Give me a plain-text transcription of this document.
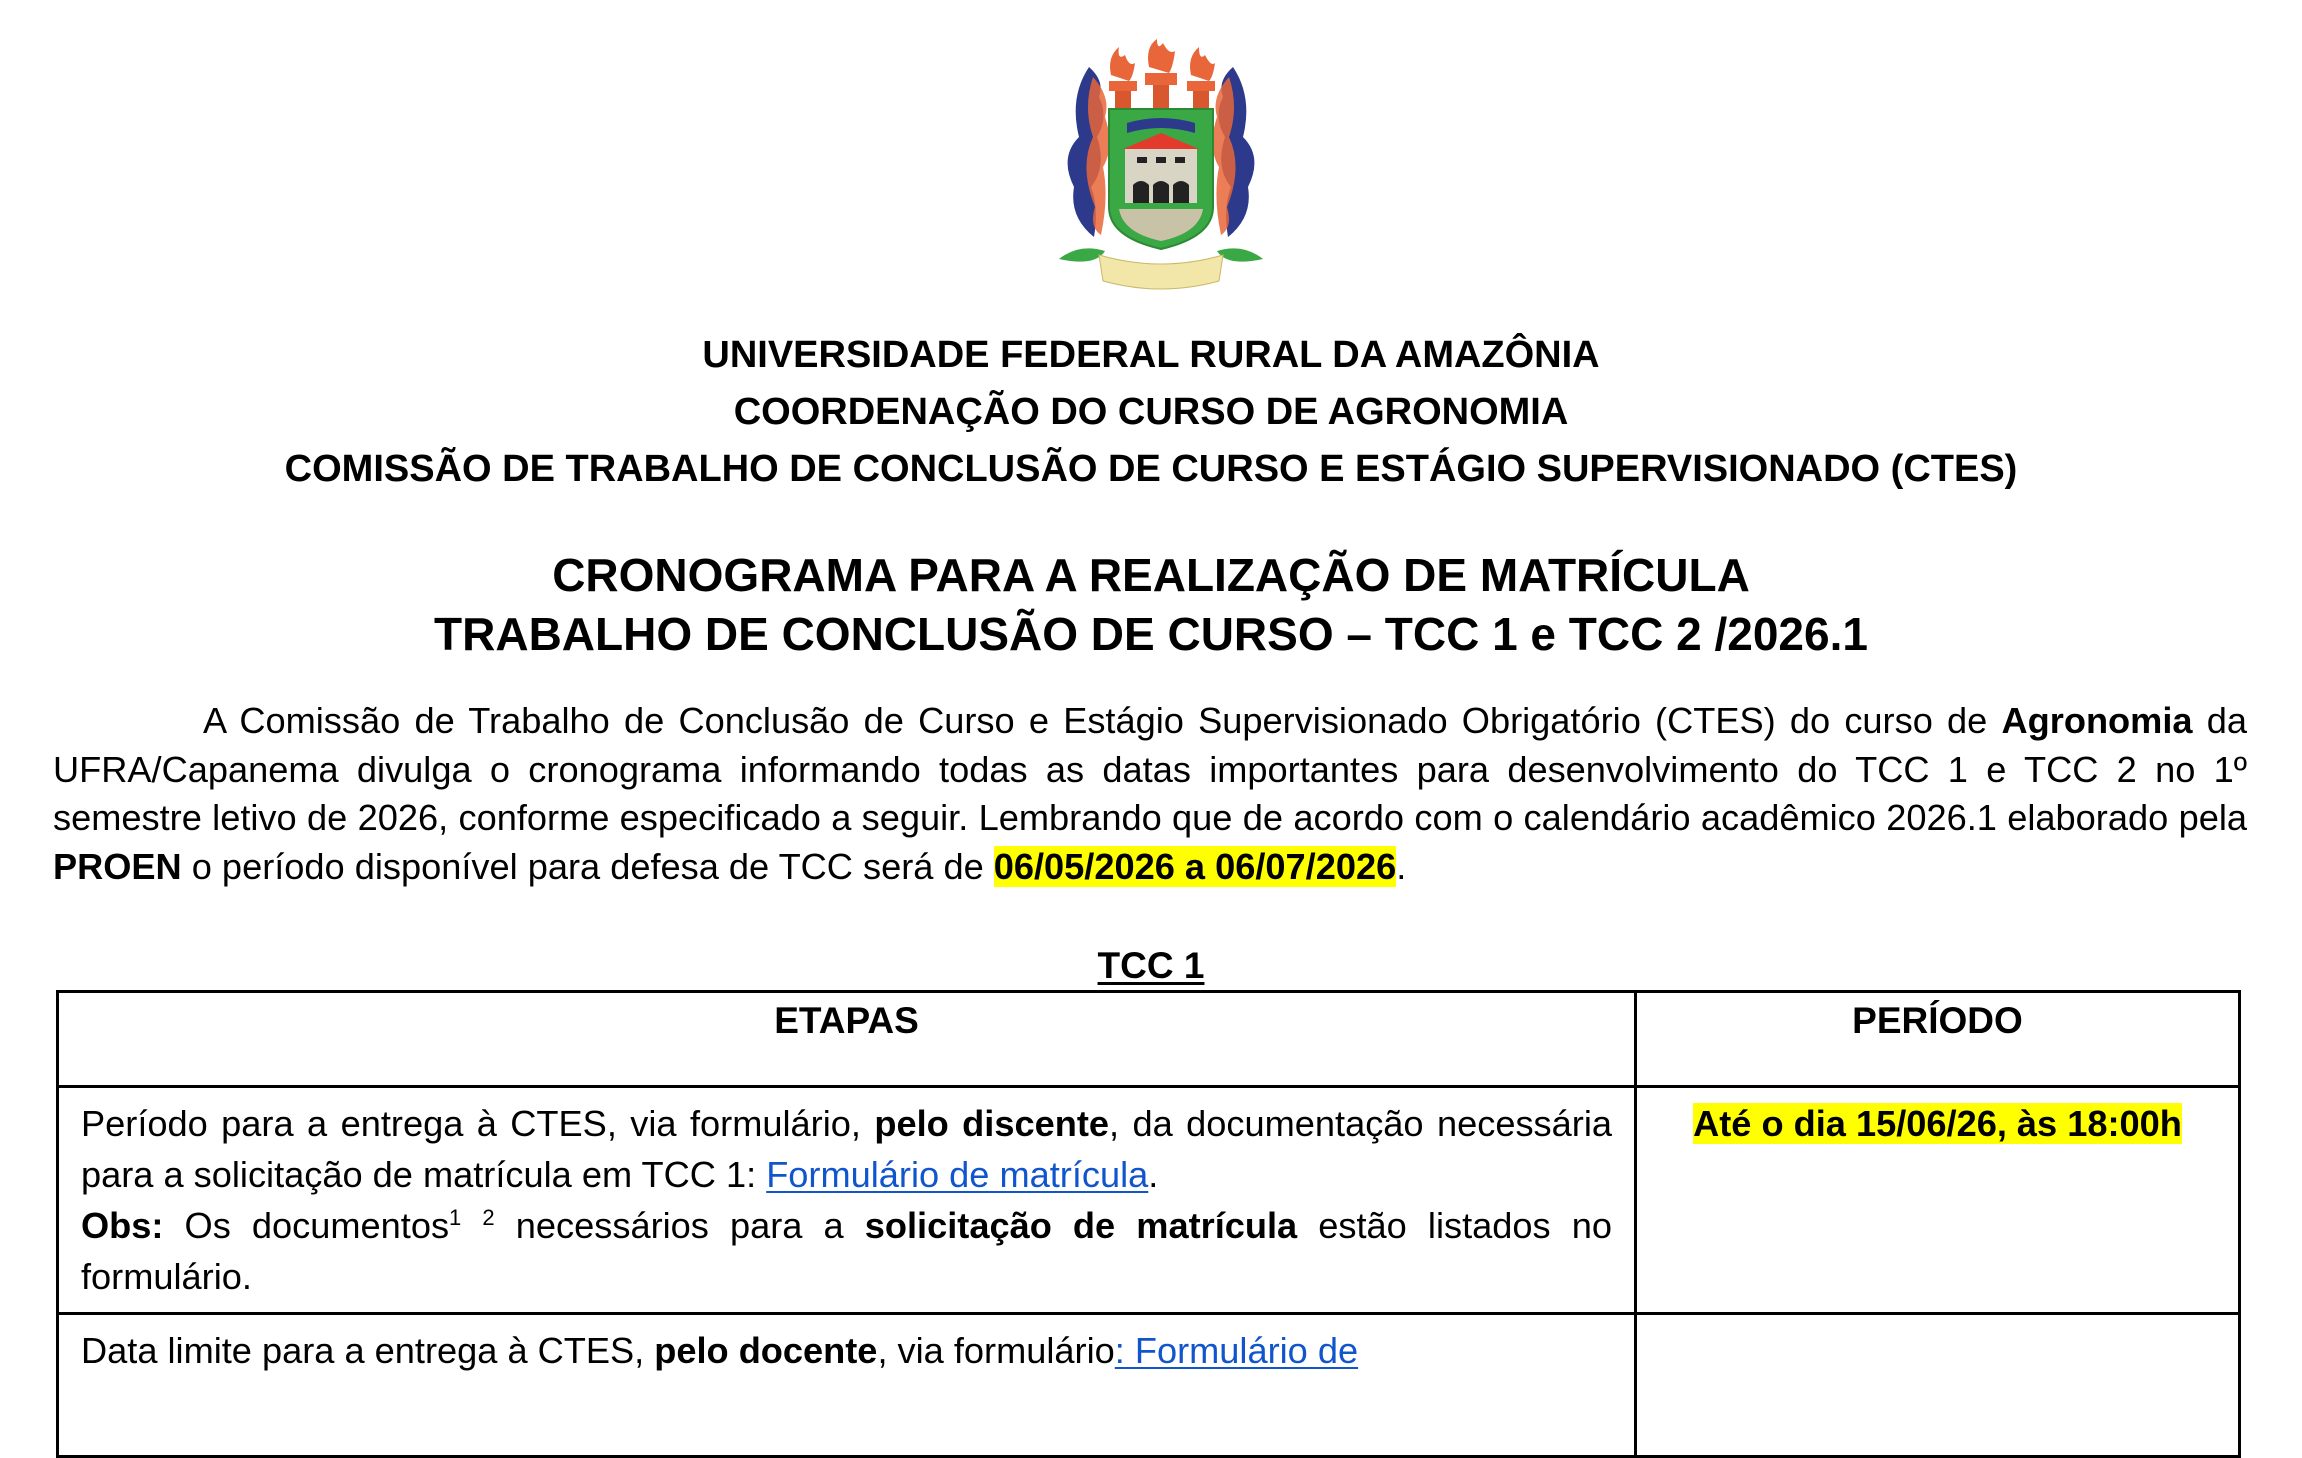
UNIVERSIDADE FEDERAL RURAL DA AMAZÔNIA
COORDENAÇÃO DO CURSO DE AGRONOMIA
COMISSÃO DE TRABALHO DE CONCLUSÃO DE CURSO E ESTÁGIO SUPERVISIONADO (CTES)
CRONOGRAMA PARA A REALIZAÇÃO DE MATRÍCULA
TRABALHO DE CONCLUSÃO DE CURSO – TCC 1 e TCC 2 /2026.1
A Comissão de Trabalho de Conclusão de Curso e Estágio Supervisionado Obrigatório (CTES) do curso de Agronomia da UFRA/Capanema divulga o cronograma informando todas as datas importantes para desenvolvimento do TCC 1 e TCC 2 no 1º semestre letivo de 2026, conforme especificado a seguir. Lembrando que de acordo com o calendário acadêmico 2026.1 elaborado pela PROEN o período disponível para defesa de TCC será de 06/05/2026 a 06/07/2026.
TCC 1
ETAPAS	PERÍODO
Período para a entrega à CTES, via formulário, pelo discente, da documentação necessária para a solicitação de matrícula em TCC 1: Formulário de matrícula.
Obs: Os documentos$^1$ $^2$ necessários para a solicitação de matrícula estão listados no formulário.	Até o dia 15/06/26, às 18:00h
Data limite para a entrega à CTES, pelo docente, via formulário: Formulário de	
